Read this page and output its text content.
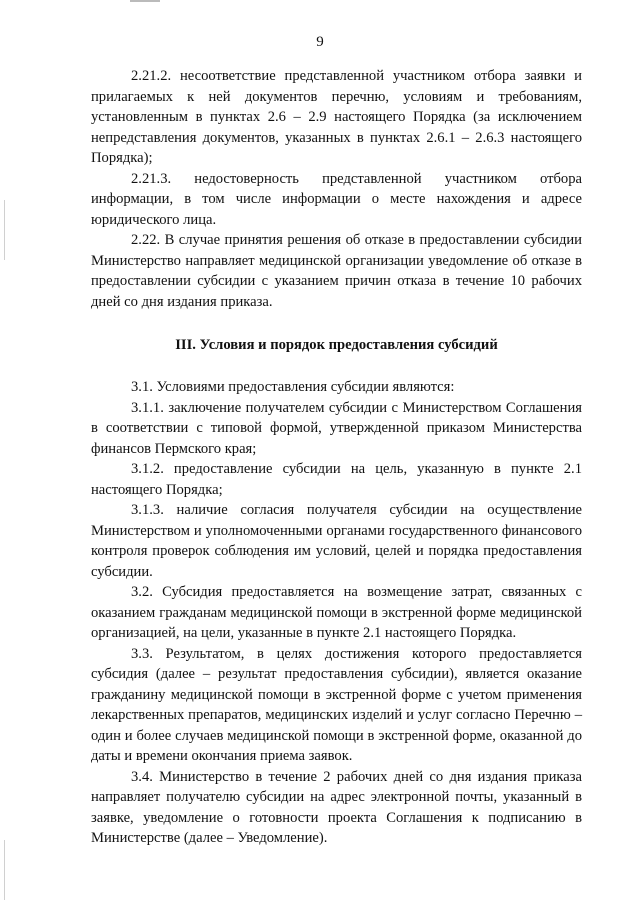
9

2.21.2. несоответствие представленной участником отбора заявки и прилагаемых к ней документов перечню, условиям и требованиям, установленным в пунктах 2.6 – 2.9 настоящего Порядка (за исключением непредставления документов, указанных в пунктах 2.6.1 – 2.6.3 настоящего Порядка);

2.21.3. недостоверность представленной участником отбора информации, в том числе информации о месте нахождения и адресе юридического лица.

2.22. В случае принятия решения об отказе в предоставлении субсидии Министерство направляет медицинской организации уведомление об отказе в предоставлении субсидии с указанием причин отказа в течение 10 рабочих дней со дня издания приказа.

III. Условия и порядок предоставления субсидий

3.1. Условиями предоставления субсидии являются:

3.1.1. заключение получателем субсидии с Министерством Соглашения в соответствии с типовой формой, утвержденной приказом Министерства финансов Пермского края;

3.1.2. предоставление субсидии на цель, указанную в пункте 2.1 настоящего Порядка;

3.1.3. наличие согласия получателя субсидии на осуществление Министерством и уполномоченными органами государственного финансового контроля проверок соблюдения им условий, целей и порядка предоставления субсидии.

3.2. Субсидия предоставляется на возмещение затрат, связанных с оказанием гражданам медицинской помощи в экстренной форме медицинской организацией, на цели, указанные в пункте 2.1 настоящего Порядка.

3.3. Результатом, в целях достижения которого предоставляется субсидия (далее – результат предоставления субсидии), является оказание гражданину медицинской помощи в экстренной форме с учетом применения лекарственных препаратов, медицинских изделий и услуг согласно Перечню – один и более случаев медицинской помощи в экстренной форме, оказанной до даты и времени окончания приема заявок.

3.4. Министерство в течение 2 рабочих дней со дня издания приказа направляет получателю субсидии на адрес электронной почты, указанный в заявке, уведомление о готовности проекта Соглашения к подписанию в Министерстве (далее – Уведомление).
